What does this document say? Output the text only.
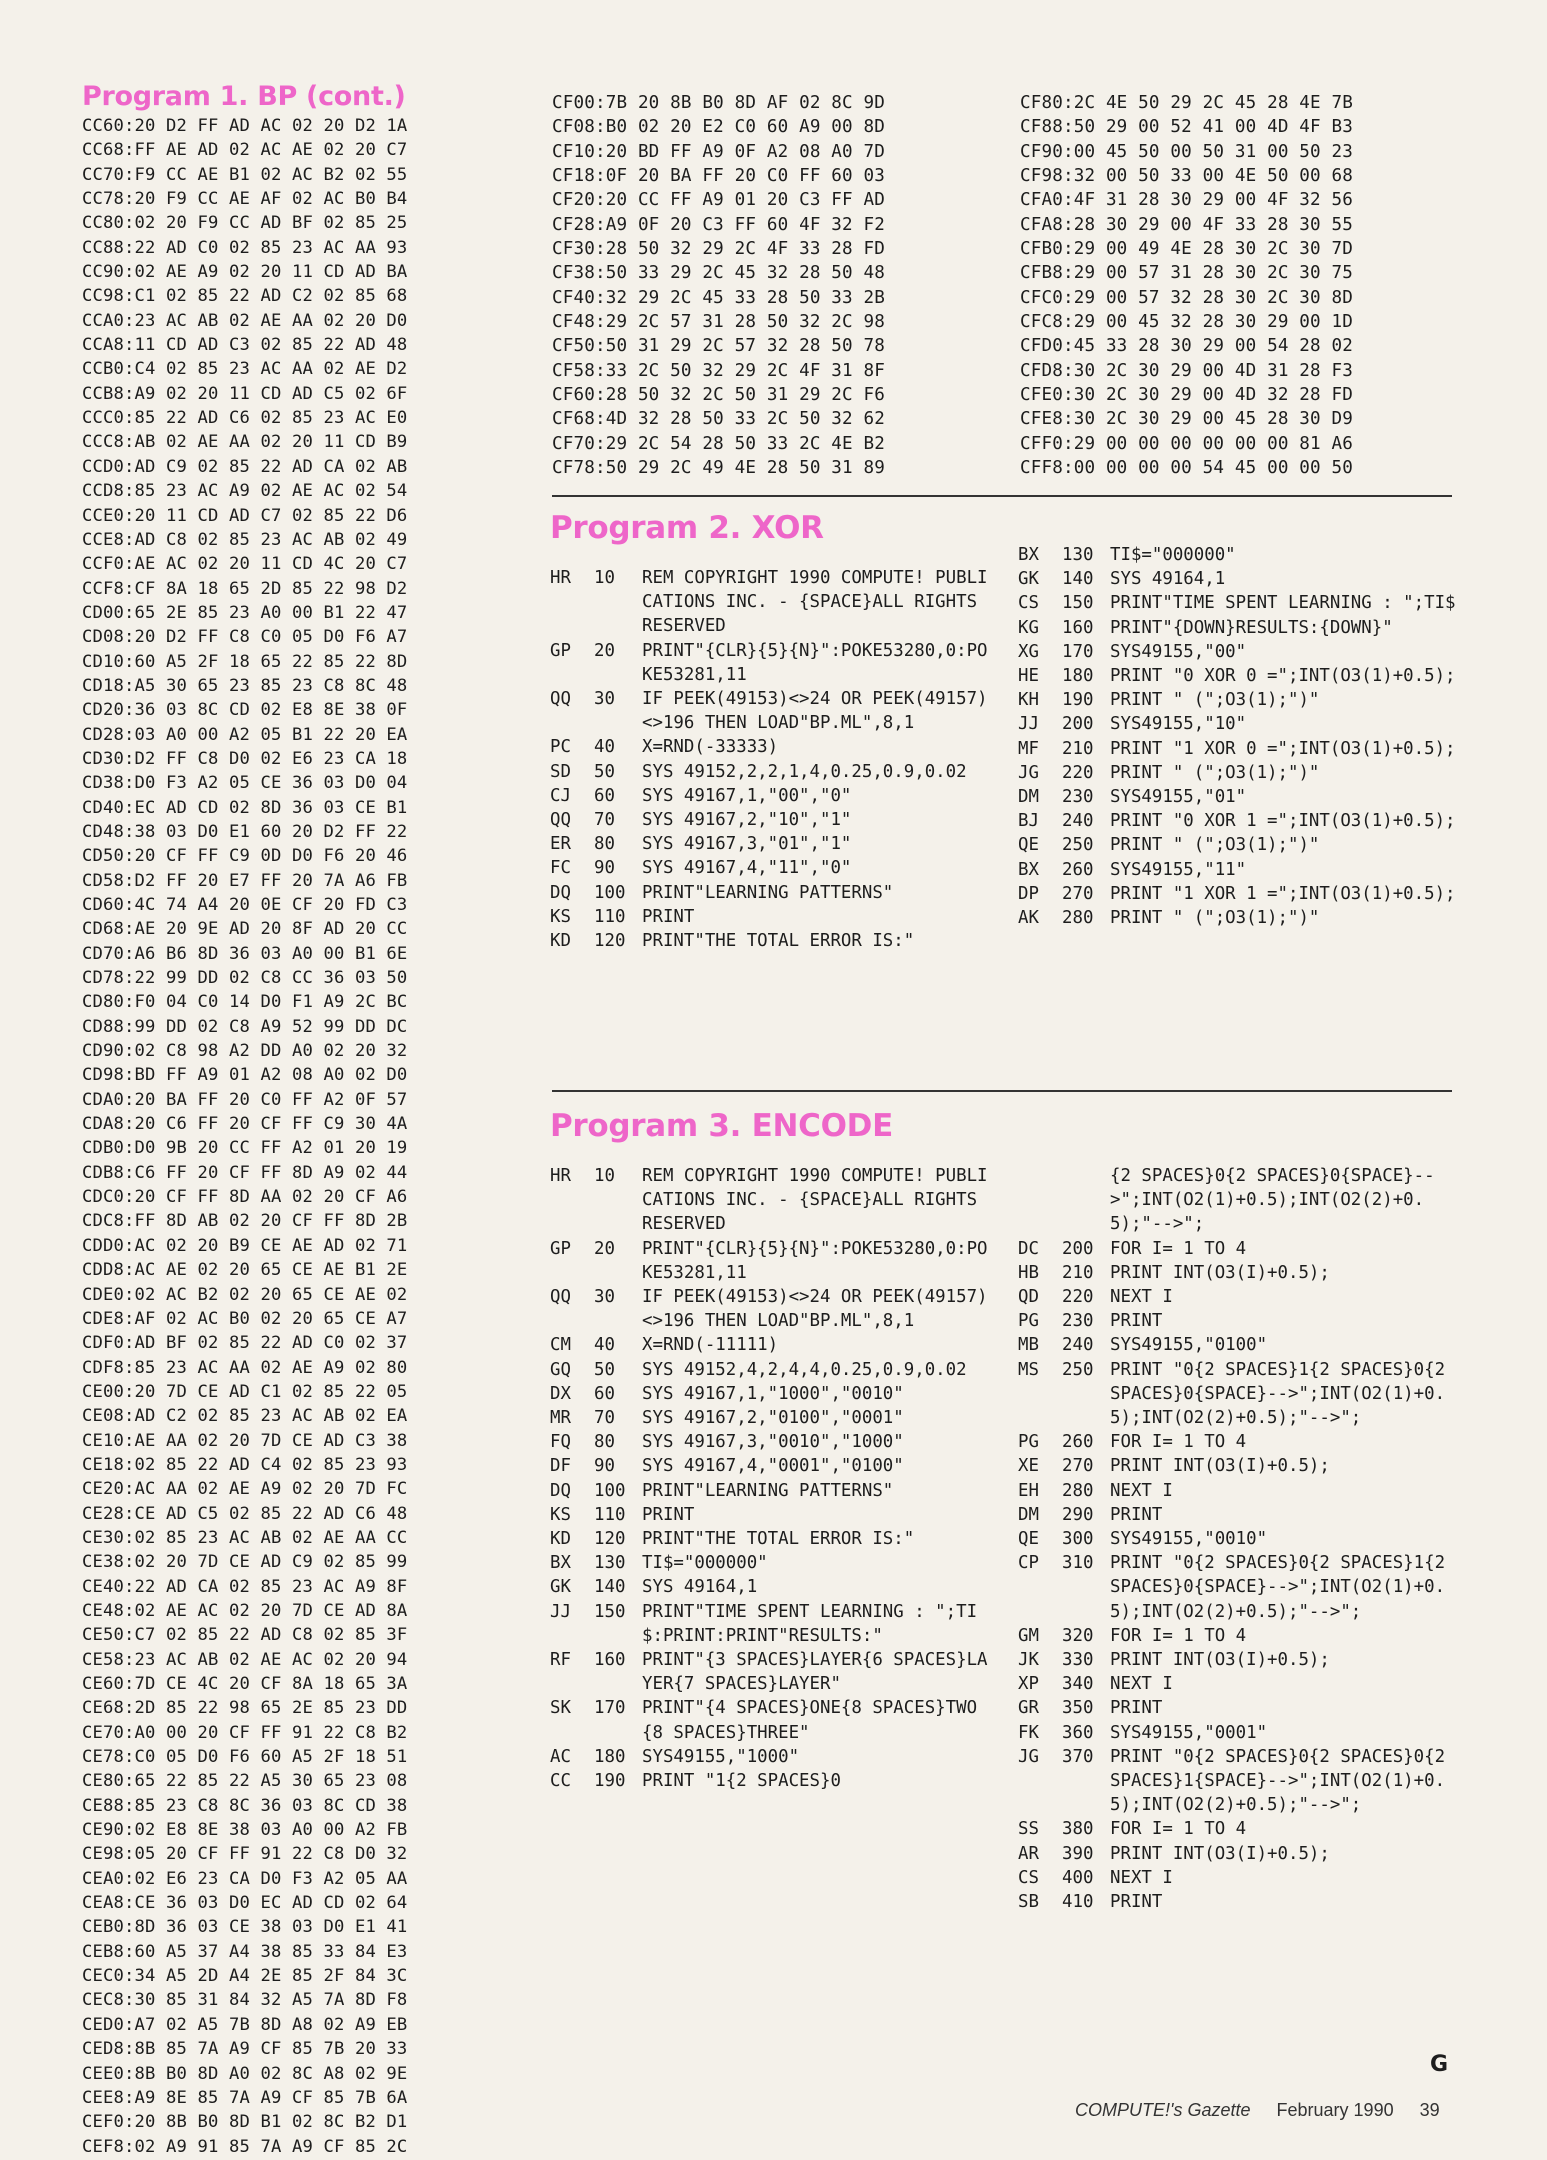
Program 1. BP (cont.)
CC60:20 D2 FF AD AC 02 20 D2 1A
CC68:FF AE AD 02 AC AE 02 20 C7
CC70:F9 CC AE B1 02 AC B2 02 55
CC78:20 F9 CC AE AF 02 AC B0 B4
CC80:02 20 F9 CC AD BF 02 85 25
CC88:22 AD C0 02 85 23 AC AA 93
CC90:02 AE A9 02 20 11 CD AD BA
CC98:C1 02 85 22 AD C2 02 85 68
CCA0:23 AC AB 02 AE AA 02 20 D0
CCA8:11 CD AD C3 02 85 22 AD 48
CCB0:C4 02 85 23 AC AA 02 AE D2
CCB8:A9 02 20 11 CD AD C5 02 6F
CCC0:85 22 AD C6 02 85 23 AC E0
CCC8:AB 02 AE AA 02 20 11 CD B9
CCD0:AD C9 02 85 22 AD CA 02 AB
CCD8:85 23 AC A9 02 AE AC 02 54
CCE0:20 11 CD AD C7 02 85 22 D6
CCE8:AD C8 02 85 23 AC AB 02 49
CCF0:AE AC 02 20 11 CD 4C 20 C7
CCF8:CF 8A 18 65 2D 85 22 98 D2
CD00:65 2E 85 23 A0 00 B1 22 47
CD08:20 D2 FF C8 C0 05 D0 F6 A7
CD10:60 A5 2F 18 65 22 85 22 8D
CD18:A5 30 65 23 85 23 C8 8C 48
CD20:36 03 8C CD 02 E8 8E 38 0F
CD28:03 A0 00 A2 05 B1 22 20 EA
CD30:D2 FF C8 D0 02 E6 23 CA 18
CD38:D0 F3 A2 05 CE 36 03 D0 04
CD40:EC AD CD 02 8D 36 03 CE B1
CD48:38 03 D0 E1 60 20 D2 FF 22
CD50:20 CF FF C9 0D D0 F6 20 46
CD58:D2 FF 20 E7 FF 20 7A A6 FB
CD60:4C 74 A4 20 0E CF 20 FD C3
CD68:AE 20 9E AD 20 8F AD 20 CC
CD70:A6 B6 8D 36 03 A0 00 B1 6E
CD78:22 99 DD 02 C8 CC 36 03 50
CD80:F0 04 C0 14 D0 F1 A9 2C BC
CD88:99 DD 02 C8 A9 52 99 DD DC
CD90:02 C8 98 A2 DD A0 02 20 32
CD98:BD FF A9 01 A2 08 A0 02 D0
CDA0:20 BA FF 20 C0 FF A2 0F 57
CDA8:20 C6 FF 20 CF FF C9 30 4A
CDB0:D0 9B 20 CC FF A2 01 20 19
CDB8:C6 FF 20 CF FF 8D A9 02 44
CDC0:20 CF FF 8D AA 02 20 CF A6
CDC8:FF 8D AB 02 20 CF FF 8D 2B
CDD0:AC 02 20 B9 CE AE AD 02 71
CDD8:AC AE 02 20 65 CE AE B1 2E
CDE0:02 AC B2 02 20 65 CE AE 02
CDE8:AF 02 AC B0 02 20 65 CE A7
CDF0:AD BF 02 85 22 AD C0 02 37
CDF8:85 23 AC AA 02 AE A9 02 80
CE00:20 7D CE AD C1 02 85 22 05
CE08:AD C2 02 85 23 AC AB 02 EA
CE10:AE AA 02 20 7D CE AD C3 38
CE18:02 85 22 AD C4 02 85 23 93
CE20:AC AA 02 AE A9 02 20 7D FC
CE28:CE AD C5 02 85 22 AD C6 48
CE30:02 85 23 AC AB 02 AE AA CC
CE38:02 20 7D CE AD C9 02 85 99
CE40:22 AD CA 02 85 23 AC A9 8F
CE48:02 AE AC 02 20 7D CE AD 8A
CE50:C7 02 85 22 AD C8 02 85 3F
CE58:23 AC AB 02 AE AC 02 20 94
CE60:7D CE 4C 20 CF 8A 18 65 3A
CE68:2D 85 22 98 65 2E 85 23 DD
CE70:A0 00 20 CF FF 91 22 C8 B2
CE78:C0 05 D0 F6 60 A5 2F 18 51
CE80:65 22 85 22 A5 30 65 23 08
CE88:85 23 C8 8C 36 03 8C CD 38
CE90:02 E8 8E 38 03 A0 00 A2 FB
CE98:05 20 CF FF 91 22 C8 D0 32
CEA0:02 E6 23 CA D0 F3 A2 05 AA
CEA8:CE 36 03 D0 EC AD CD 02 64
CEB0:8D 36 03 CE 38 03 D0 E1 41
CEB8:60 A5 37 A4 38 85 33 84 E3
CEC0:34 A5 2D A4 2E 85 2F 84 3C
CEC8:30 85 31 84 32 A5 7A 8D F8
CED0:A7 02 A5 7B 8D A8 02 A9 EB
CED8:8B 85 7A A9 CF 85 7B 20 33
CEE0:8B B0 8D A0 02 8C A8 02 9E
CEE8:A9 8E 85 7A A9 CF 85 7B 6A
CEF0:20 8B B0 8D B1 02 8C B2 D1
CEF8:02 A9 91 85 7A A9 CF 85 2C
CF00:7B 20 8B B0 8D AF 02 8C 9D
CF08:B0 02 20 E2 C0 60 A9 00 8D
CF10:20 BD FF A9 0F A2 08 A0 7D
CF18:0F 20 BA FF 20 C0 FF 60 03
CF20:20 CC FF A9 01 20 C3 FF AD
CF28:A9 0F 20 C3 FF 60 4F 32 F2
CF30:28 50 32 29 2C 4F 33 28 FD
CF38:50 33 29 2C 45 32 28 50 48
CF40:32 29 2C 45 33 28 50 33 2B
CF48:29 2C 57 31 28 50 32 2C 98
CF50:50 31 29 2C 57 32 28 50 78
CF58:33 2C 50 32 29 2C 4F 31 8F
CF60:28 50 32 2C 50 31 29 2C F6
CF68:4D 32 28 50 33 2C 50 32 62
CF70:29 2C 54 28 50 33 2C 4E B2
CF78:50 29 2C 49 4E 28 50 31 89
CF80:2C 4E 50 29 2C 45 28 4E 7B
CF88:50 29 00 52 41 00 4D 4F B3
CF90:00 45 50 00 50 31 00 50 23
CF98:32 00 50 33 00 4E 50 00 68
CFA0:4F 31 28 30 29 00 4F 32 56
CFA8:28 30 29 00 4F 33 28 30 55
CFB0:29 00 49 4E 28 30 2C 30 7D
CFB8:29 00 57 31 28 30 2C 30 75
CFC0:29 00 57 32 28 30 2C 30 8D
CFC8:29 00 45 32 28 30 29 00 1D
CFD0:45 33 28 30 29 00 54 28 02
CFD8:30 2C 30 29 00 4D 31 28 F3
CFE0:30 2C 30 29 00 4D 32 28 FD
CFE8:30 2C 30 29 00 45 28 30 D9
CFF0:29 00 00 00 00 00 00 81 A6
CFF8:00 00 00 00 54 45 00 00 50
Program 2. XOR
HR	10	REM COPYRIGHT 1990 COMPUTE! PUBLICATIONS INC. - {SPACE}ALL RIGHTS RESERVED
GP	20	PRINT"{CLR}{5}{N}":POKE53280,0:POKE53281,11
QQ	30	IF PEEK(49153)<>24 OR PEEK(49157)<>196 THEN LOAD"BP.ML",8,1
PC	40	X=RND(-33333)
SD	50	SYS 49152,2,2,1,4,0.25,0.9,0.02
CJ	60	SYS 49167,1,"00","0"
QQ	70	SYS 49167,2,"10","1"
ER	80	SYS 49167,3,"01","1"
FC	90	SYS 49167,4,"11","0"
DQ	100 PRINT"LEARNING PATTERNS"
KS	110 PRINT
KD	120 PRINT"THE TOTAL ERROR IS:"
BX	130 TI$="000000"
GK	140 SYS 49164,1
CS	150 PRINT"TIME SPENT LEARNING : ";TI$
KG	160 PRINT"{DOWN}RESULTS:{DOWN}"
XG	170 SYS49155,"00"
HE	180 PRINT "0 XOR 0 =";INT(O3(1)+0.5);
KH	190 PRINT " (";O3(1);")"
JJ	200 SYS49155,"10"
MF	210 PRINT "1 XOR 0 =";INT(O3(1)+0.5);
JG	220 PRINT " (";O3(1);")"
DM	230 SYS49155,"01"
BJ	240 PRINT "0 XOR 1 =";INT(O3(1)+0.5);
QE	250 PRINT " (";O3(1);")"
BX	260 SYS49155,"11"
DP	270 PRINT "1 XOR 1 =";INT(O3(1)+0.5);
AK	280 PRINT " (";O3(1);")"
Program 3. ENCODE
HR	10	REM COPYRIGHT 1990 COMPUTE! PUBLICATIONS INC. - {SPACE}ALL RIGHTS RESERVED
GP	20	PRINT"{CLR}{5}{N}":POKE53280,0:POKE53281,11
QQ	30	IF PEEK(49153)<>24 OR PEEK(49157)<>196 THEN LOAD"BP.ML",8,1
CM	40	X=RND(-11111)
GQ	50	SYS 49152,4,2,4,4,0.25,0.9,0.02
DX	60	SYS 49167,1,"1000","0010"
MR	70	SYS 49167,2,"0100","0001"
FQ	80	SYS 49167,3,"0010","1000"
DF	90	SYS 49167,4,"0001","0100"
DQ	100 PRINT"LEARNING PATTERNS"
KS	110 PRINT
KD	120 PRINT"THE TOTAL ERROR IS:"
BX	130 TI$="000000"
GK	140 SYS 49164,1
JJ	150 PRINT"TIME SPENT LEARNING : ";TI$:PRINT:PRINT"RESULTS:"
RF	160 PRINT"{3 SPACES}LAYER{6 SPACES}LAYER{7 SPACES}LAYER"
SK	170 PRINT"{4 SPACES}ONE{8 SPACES}TWO{8 SPACES}THREE"
AC	180 SYS49155,"1000"
CC	190 PRINT "1{2 SPACES}0
{2 SPACES}0{2 SPACES}0{SPACE}-->";INT(O2(1)+0.5);INT(O2(2)+0.5);"-->";
DC	200 FOR I= 1 TO 4
HB	210 PRINT INT(O3(I)+0.5);
QD	220 NEXT I
PG	230 PRINT
MB	240 SYS49155,"0100"
MS	250 PRINT "0{2 SPACES}1{2 SPACES}0{2 SPACES}0{SPACE}-->";INT(O2(1)+0.5);INT(O2(2)+0.5);"-->";
PG	260 FOR I= 1 TO 4
XE	270 PRINT INT(O3(I)+0.5);
EH	280 NEXT I
DM	290 PRINT
QE	300 SYS49155,"0010"
CP	310 PRINT "0{2 SPACES}0{2 SPACES}1{2 SPACES}0{SPACE}-->";INT(O2(1)+0.5);INT(O2(2)+0.5);"-->";
GM	320 FOR I= 1 TO 4
JK	330 PRINT INT(O3(I)+0.5);
XP	340 NEXT I
GR	350 PRINT
FK	360 SYS49155,"0001"
JG	370 PRINT "0{2 SPACES}0{2 SPACES}0{2 SPACES}1{SPACE}-->";INT(O2(1)+0.5);INT(O2(2)+0.5);"-->";
SS	380 FOR I= 1 TO 4
AR	390 PRINT INT(O3(I)+0.5);
CS	400 NEXT I
SB	410 PRINT
G
COMPUTE!'s Gazette February 1990 39
